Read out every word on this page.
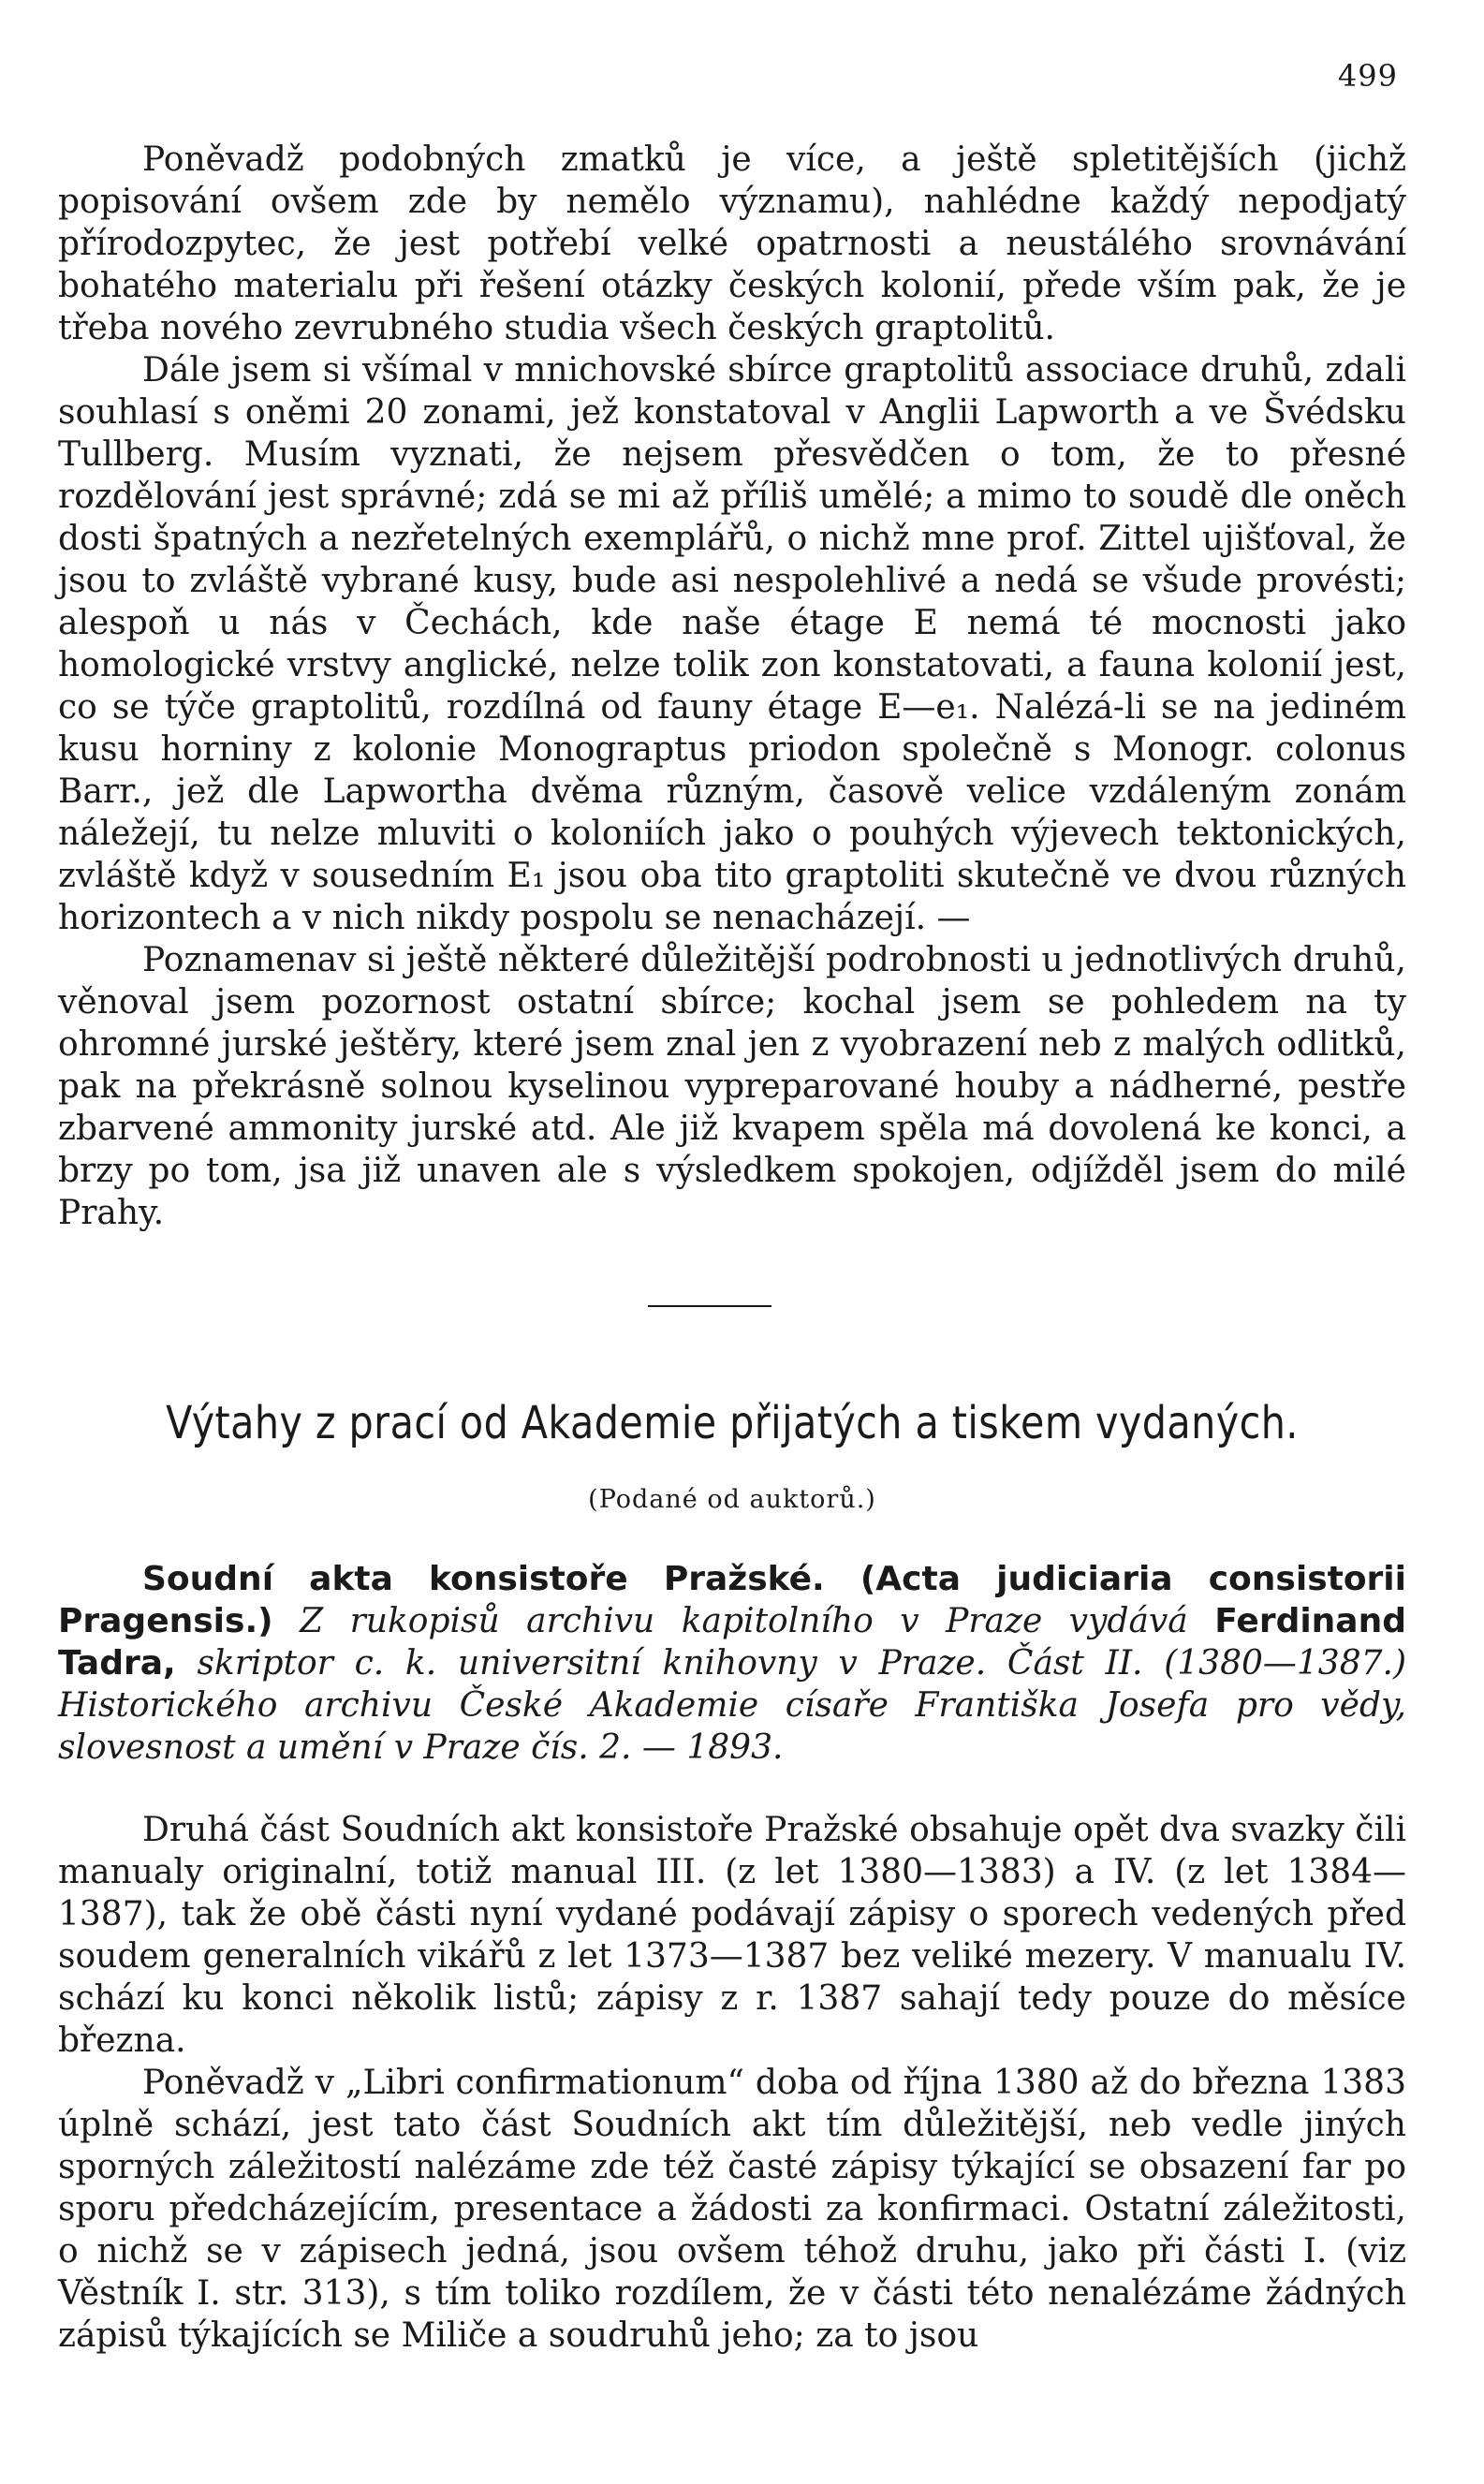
499

Poněvadž podobných zmatků je více, a ještě spletitějších (jichž popisování ovšem zde by nemělo významu), nahlédne každý nepodjatý přírodozpytec, že jest potřebí velké opatrnosti a neustálého srovnávání bohatého materialu při řešení otázky českých kolonií, přede vším pak, že je třeba nového zevrubného studia všech českých graptolitů.

Dále jsem si všímal v mnichovské sbírce graptolitů associace druhů, zdali souhlasí s oněmi 20 zonami, jež konstatoval v Anglii Lapworth a ve Švédsku Tullberg. Musím vyznati, že nejsem přesvědčen o tom, že to přesné rozdělování jest správné; zdá se mi až příliš umělé; a mimo to soudě dle oněch dosti špatných a nezřetelných exemplářů, o nichž mne prof. Zittel ujišťoval, že jsou to zvláště vybrané kusy, bude asi nespolehlivé a nedá se všude provésti; alespoň u nás v Čechách, kde naše étage E nemá té mocnosti jako homologické vrstvy anglické, nelze tolik zon konstatovati, a fauna kolonií jest, co se týče graptolitů, rozdílná od fauny étage E—e₁. Nalézá-li se na jediném kusu horniny z kolonie Monograptus priodon společně s Monogr. colonus Barr., jež dle Lapwortha dvěma různým, časově velice vzdáleným zonám náležejí, tu nelze mluviti o koloniích jako o pouhých výjevech tektonických, zvláště když v sousedním E₁ jsou oba tito graptoliti skutečně ve dvou různých horizontech a v nich nikdy pospolu se nenacházejí. —

Poznamenav si ještě některé důležitější podrobnosti u jednotlivých druhů, věnoval jsem pozornost ostatní sbírce; kochal jsem se pohledem na ty ohromné jurské ještěry, které jsem znal jen z vyobrazení neb z malých odlitků, pak na překrásně solnou kyselinou vypreparované houby a nádherné, pestře zbarvené ammonity jurské atd. Ale již kvapem spěla má dovolená ke konci, a brzy po tom, jsa již unaven ale s výsledkem spokojen, odjížděl jsem do milé Prahy.

Výtahy z prací od Akademie přijatých a tiskem vydaných.
(Podané od auktorů.)

Soudní akta konsistoře Pražské. (Acta judiciaria consistorii Pragensis.) Z rukopisů archivu kapitolního v Praze vydává Ferdinand Tadra, skriptor c. k. universitní knihovny v Praze. Část II. (1380—1387.) Historického archivu České Akademie císaře Františka Josefa pro vědy, slovesnost a umění v Praze čís. 2. — 1893.

Druhá část Soudních akt konsistoře Pražské obsahuje opět dva svazky čili manualy originalní, totiž manual III. (z let 1380—1383) a IV. (z let 1384—1387), tak že obě části nyní vydané podávají zápisy o sporech vedených před soudem generalních vikářů z let 1373—1387 bez veliké mezery. V manualu IV. schází ku konci několik listů; zápisy z r. 1387 sahají tedy pouze do měsíce března.

Poněvadž v „Libri confirmationum“ doba od října 1380 až do března 1383 úplně schází, jest tato část Soudních akt tím důležitější, neb vedle jiných sporných záležitostí nalézáme zde též časté zápisy týkající se obsazení far po sporu předcházejícím, presentace a žádosti za konfirmaci. Ostatní záležitosti, o nichž se v zápisech jedná, jsou ovšem téhož druhu, jako při části I. (viz Věstník I. str. 313), s tím toliko rozdílem, že v části této nenalézáme žádných zápisů týkajících se Miliče a soudruhů jeho; za to jsou
